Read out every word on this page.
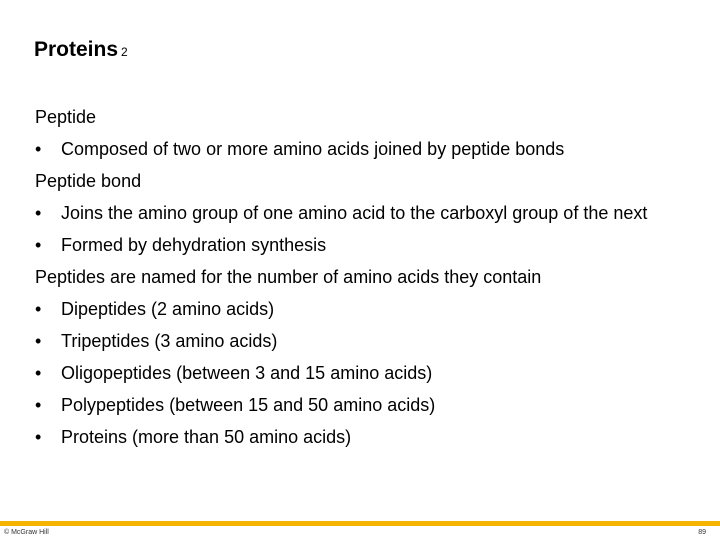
Proteins 2
Peptide
• Composed of two or more amino acids joined by peptide bonds
Peptide bond
• Joins the amino group of one amino acid to the carboxyl group of the next
• Formed by dehydration synthesis
Peptides are named for the number of amino acids they contain
• Dipeptides (2 amino acids)
• Tripeptides (3 amino acids)
• Oligopeptides (between 3 and 15 amino acids)
• Polypeptides (between 15 and 50 amino acids)
• Proteins (more than 50 amino acids)
© McGraw Hill	89
